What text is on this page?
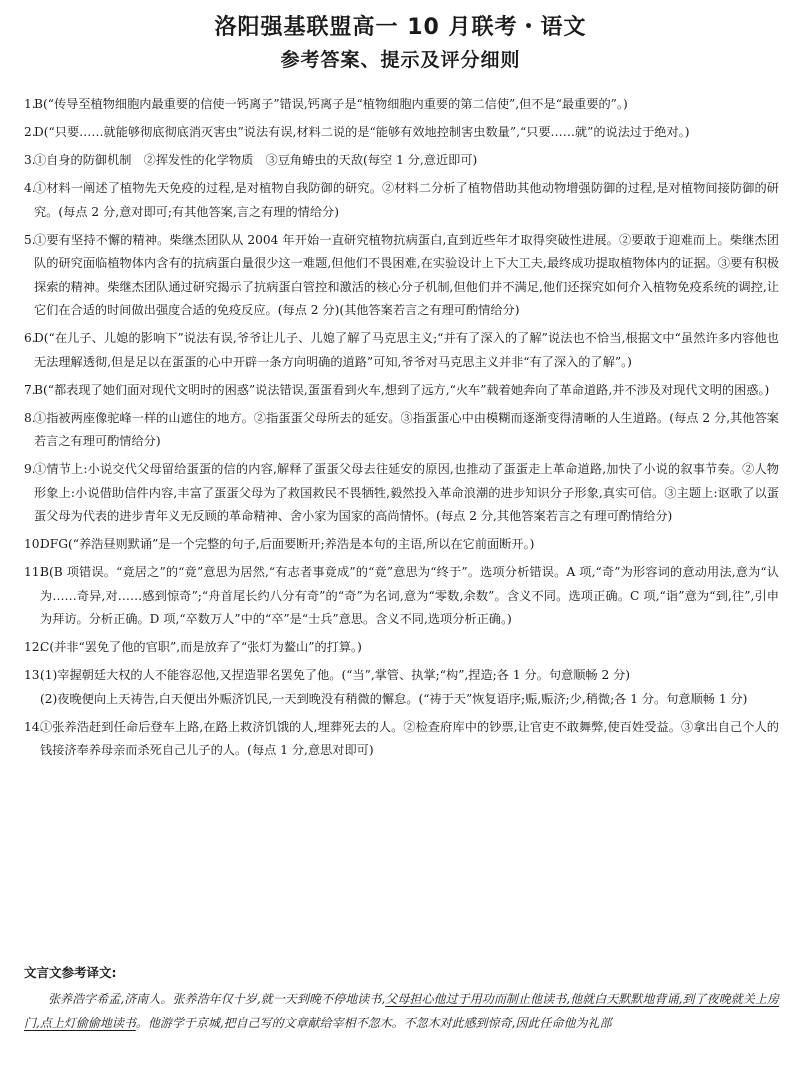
洛阳强基联盟高一 10 月联考・语文
参考答案、提示及评分细则
1.
B(“传导至植物细胞内最重要的信使一钙离子”错误,钙离子是“植物细胞内重要的第二信使”,但不是“最重要的”。)
2.
D(“只要……就能够彻底彻底消灭害虫”说法有误,材料二说的是“能够有效地控制害虫数量”,“只要……就”的说法过于绝对。)
3.
①自身的防御机制　②挥发性的化学物质　③豆角蝽虫的天敌(每空 1 分,意近即可)
4.
①材料一阐述了植物先天免疫的过程,是对植物自我防御的研究。②材料二分析了植物借助其他动物增强防御的过程,是对植物间接防御的研究。(每点 2 分,意对即可;有其他答案,言之有理的情给分)
5.
①要有坚持不懈的精神。柴继杰团队从 2004 年开始一直研究植物抗病蛋白,直到近些年才取得突破性进展。②要敢于迎难而上。柴继杰团队的研究面临植物体内含有的抗病蛋白量很少这一难题,但他们不畏困难,在实验设计上下大工夫,最终成功提取植物体内的证据。③要有积极探索的精神。柴继杰团队通过研究揭示了抗病蛋白管控和激活的核心分子机制,但他们并不满足,他们还探究如何介入植物免疫系统的调控,让它们在合适的时间做出强度合适的免疫反应。(每点 2 分)(其他答案若言之有理可酌情给分)
6.
D(“在儿子、儿媳的影响下”说法有误,爷爷让儿子、儿媳了解了马克思主义;“并有了深入的了解”说法也不恰当,根据文中“虽然许多内容他也无法理解透彻,但是足以在蛋蛋的心中开辟一条方向明确的道路”可知,爷爷对马克思主义并非“有了深入的了解”。)
7.
B(“都表现了她们面对现代文明时的困惑”说法错误,蛋蛋看到火车,想到了远方,“火车”载着她奔向了革命道路,并不涉及对现代文明的困惑。)
8.
①指被两座像驼峰一样的山遮住的地方。②指蛋蛋父母所去的延安。③指蛋蛋心中由模糊而逐渐变得清晰的人生道路。(每点 2 分,其他答案若言之有理可酌情给分)
9.
①情节上:小说交代父母留给蛋蛋的信的内容,解释了蛋蛋父母去往延安的原因,也推动了蛋蛋走上革命道路,加快了小说的叙事节奏。②人物形象上:小说借助信件内容,丰富了蛋蛋父母为了救国救民不畏牺牲,毅然投入革命浪潮的进步知识分子形象,真实可信。③主题上:讴歌了以蛋蛋父母为代表的进步青年义无反顾的革命精神、舍小家为国家的高尚情怀。(每点 2 分,其他答案若言之有理可酌情给分)
10.
DFG(“养浩昼则默诵”是一个完整的句子,后面要断开;养浩是本句的主语,所以在它前面断开。)
11.
B(B 项错误。“竟居之”的“竟”意思为居然,“有志者事竟成”的“竟”意思为“终于”。选项分析错误。A 项,“奇”为形容词的意动用法,意为“认为……奇异,对……感到惊奇”;“舟首尾长约八分有奇”的“奇”为名词,意为“零数,余数”。含义不同。选项正确。C 项,“诣”意为“到,往”,引申为拜访。分析正确。D 项,“卒数万人”中的“卒”是“士兵”意思。含义不同,选项分析正确。)
12.
C(并非“罢免了他的官职”,而是放弃了“张灯为鳌山”的打算。)
13.
(1)宰握朝廷大权的人不能容忍他,又捏造罪名罢免了他。(“当”,掌管、执掌;“构”,捏造;各 1 分。句意顺畅 2 分)
(2)夜晚便向上天祷告,白天便出外赈济饥民,一天到晚没有稍微的懈怠。(“祷于天”恢复语序;赈,赈济;少,稍微;各 1 分。句意顺畅 1 分)
14.
①张养浩赶到任命后登车上路,在路上救济饥饿的人,埋葬死去的人。②检查府库中的钞票,让官吏不敢舞弊,使百姓受益。③拿出自己个人的钱接济奉养母亲而杀死自己儿子的人。(每点 1 分,意思对即可)
文言文参考译文:
张养浩字希孟,济南人。张养浩年仅十岁,就一天到晚不停地读书,父母担心他过于用功而制止他读书,他就白天默默地背诵,到了夜晚就关上房门,点上灯偷偷地读书。他游学于京城,把自己写的文章献给宰相不忽木。不忽木对此感到惊奇,因此任命他为礼部
